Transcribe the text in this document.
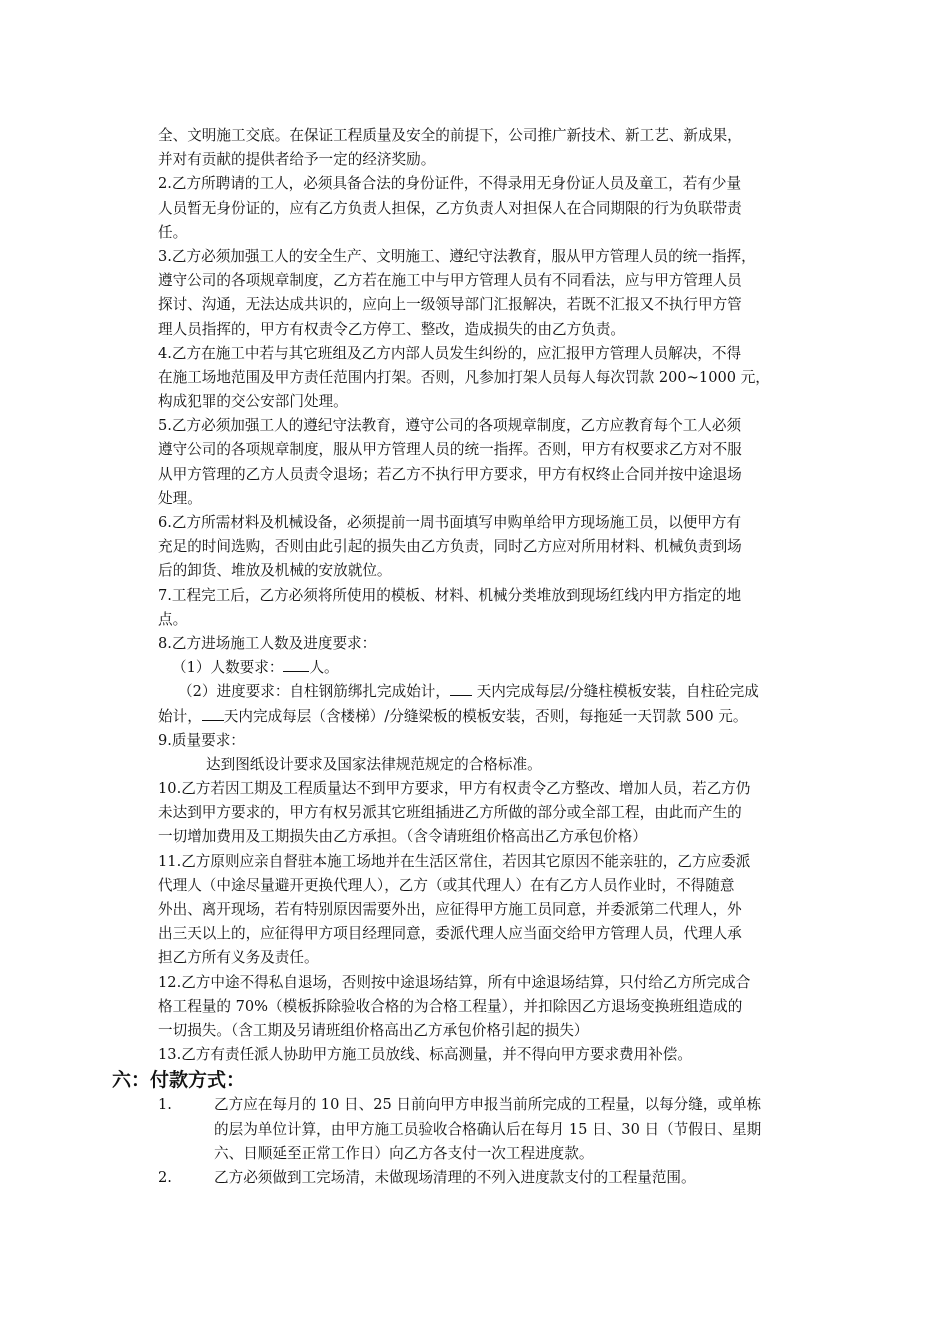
全、文明施工交底。在保证工程质量及安全的前提下，公司推广新技术、新工艺、新成果，
并对有贡献的提供者给予一定的经济奖励。
2.乙方所聘请的工人，必须具备合法的身份证件，不得录用无身份证人员及童工，若有少量
人员暂无身份证的，应有乙方负责人担保，乙方负责人对担保人在合同期限的行为负联带责
任。
3.乙方必须加强工人的安全生产、文明施工、遵纪守法教育，服从甲方管理人员的统一指挥，
遵守公司的各项规章制度，乙方若在施工中与甲方管理人员有不同看法，应与甲方管理人员
探讨、沟通，无法达成共识的，应向上一级领导部门汇报解决，若既不汇报又不执行甲方管
理人员指挥的，甲方有权责令乙方停工、整改，造成损失的由乙方负责。
4.乙方在施工中若与其它班组及乙方内部人员发生纠纷的，应汇报甲方管理人员解决，不得
在施工场地范围及甲方责任范围内打架。否则，凡参加打架人员每人每次罚款 200~1000 元，
构成犯罪的交公安部门处理。
5.乙方必须加强工人的遵纪守法教育，遵守公司的各项规章制度，乙方应教育每个工人必须
遵守公司的各项规章制度，服从甲方管理人员的统一指挥。否则，甲方有权要求乙方对不服
从甲方管理的乙方人员责令退场；若乙方不执行甲方要求，甲方有权终止合同并按中途退场
处理。
6.乙方所需材料及机械设备，必须提前一周书面填写申购单给甲方现场施工员，以便甲方有
充足的时间选购，否则由此引起的损失由乙方负责，同时乙方应对所用材料、机械负责到场
后的卸货、堆放及机械的安放就位。
7.工程完工后，乙方必须将所使用的模板、材料、机械分类堆放到现场红线内甲方指定的地
点。
8.乙方进场施工人数及进度要求：
（1）人数要求： 人。
（2）进度要求：自柱钢筋绑扎完成始计， 天内完成每层/分缝柱模板安装，自柱砼完成
始计， 天内完成每层（含楼梯）/分缝梁板的模板安装，否则，每拖延一天罚款 500 元。
9.质量要求：
达到图纸设计要求及国家法律规范规定的合格标准。
10.乙方若因工期及工程质量达不到甲方要求，甲方有权责令乙方整改、增加人员，若乙方仍
未达到甲方要求的，甲方有权另派其它班组插进乙方所做的部分或全部工程，由此而产生的
一切增加费用及工期损失由乙方承担。（含令请班组价格高出乙方承包价格）
11.乙方原则应亲自督驻本施工场地并在生活区常住，若因其它原因不能亲驻的，乙方应委派
代理人（中途尽量避开更换代理人），乙方（或其代理人）在有乙方人员作业时，不得随意
外出、离开现场，若有特别原因需要外出，应征得甲方施工员同意，并委派第二代理人，外
出三天以上的，应征得甲方项目经理同意，委派代理人应当面交给甲方管理人员，代理人承
担乙方所有义务及责任。
12.乙方中途不得私自退场，否则按中途退场结算，所有中途退场结算，只付给乙方所完成合
格工程量的 70%（模板拆除验收合格的为合格工程量），并扣除因乙方退场变换班组造成的
一切损失。（含工期及另请班组价格高出乙方承包价格引起的损失）
13.乙方有责任派人协助甲方施工员放线、标高测量，并不得向甲方要求费用补偿。
六：付款方式：
1.	乙方应在每月的 10 日、25 日前向甲方申报当前所完成的工程量，以每分缝，或单栋
的层为单位计算，由甲方施工员验收合格确认后在每月 15 日、30 日（节假日、星期
六、日顺延至正常工作日）向乙方各支付一次工程进度款。
2.	乙方必须做到工完场清，未做现场清理的不列入进度款支付的工程量范围。
